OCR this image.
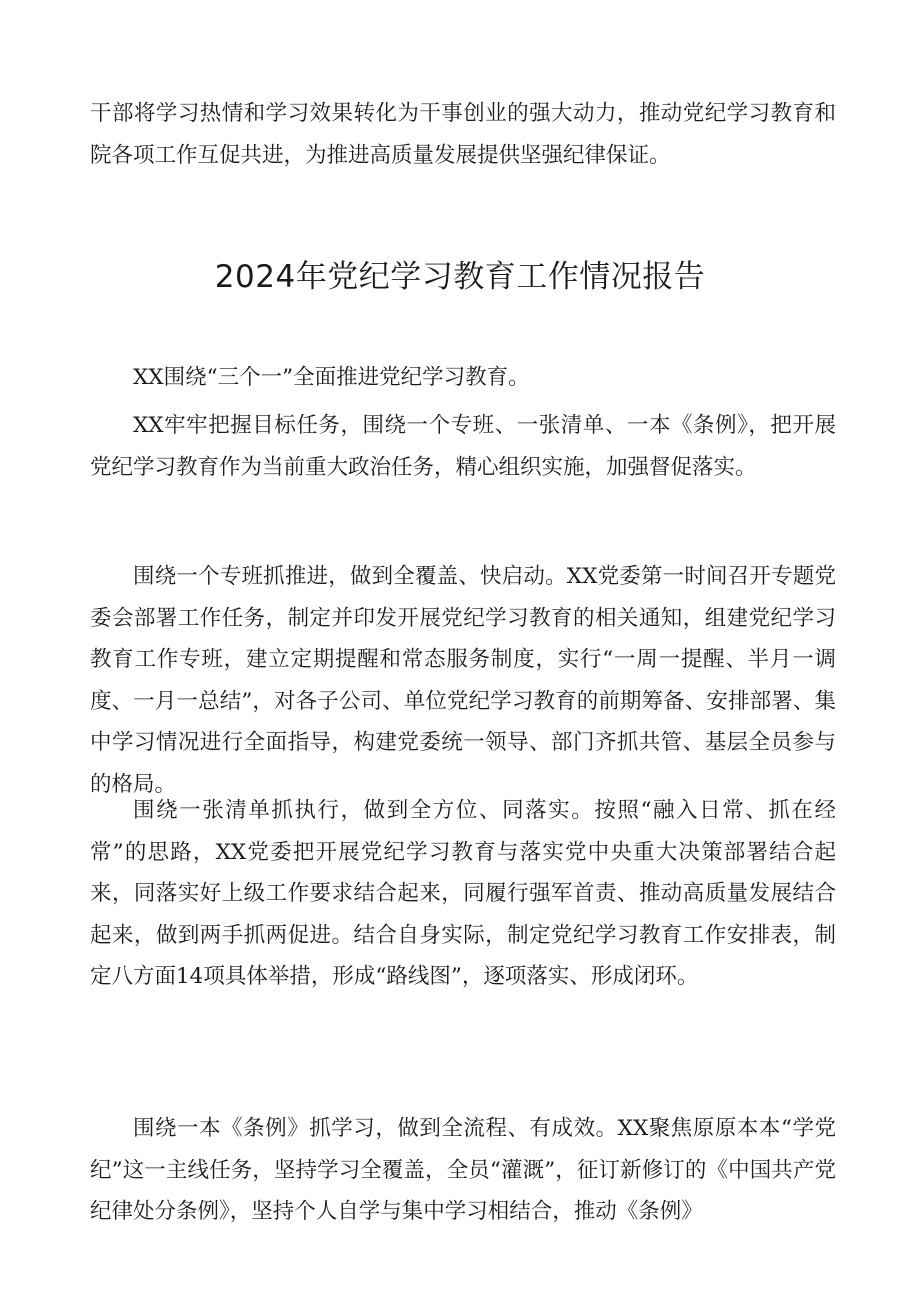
干部将学习热情和学习效果转化为干事创业的强大动力，推动党纪学习教育和院各项工作互促共进，为推进高质量发展提供坚强纪律保证。

2024年党纪学习教育工作情况报告

XX围绕“三个一”全面推进党纪学习教育。

XX牢牢把握目标任务，围绕一个专班、一张清单、一本《条例》，把开展党纪学习教育作为当前重大政治任务，精心组织实施，加强督促落实。

围绕一个专班抓推进，做到全覆盖、快启动。XX党委第一时间召开专题党委会部署工作任务，制定并印发开展党纪学习教育的相关通知，组建党纪学习教育工作专班，建立定期提醒和常态服务制度，实行“一周一提醒、半月一调度、一月一总结”，对各子公司、单位党纪学习教育的前期筹备、安排部署、集中学习情况进行全面指导，构建党委统一领导、部门齐抓共管、基层全员参与的格局。

围绕一张清单抓执行，做到全方位、同落实。按照“融入日常、抓在经常”的思路，XX党委把开展党纪学习教育与落实党中央重大决策部署结合起来，同落实好上级工作要求结合起来，同履行强军首责、推动高质量发展结合起来，做到两手抓两促进。结合自身实际，制定党纪学习教育工作安排表，制定八方面14项具体举措，形成“路线图”，逐项落实、形成闭环。

围绕一本《条例》抓学习，做到全流程、有成效。XX聚焦原原本本“学党纪”这一主线任务，坚持学习全覆盖，全员“灌溉”，征订新修订的《中国共产党纪律处分条例》，坚持个人自学与集中学习相结合，推动《条例》
